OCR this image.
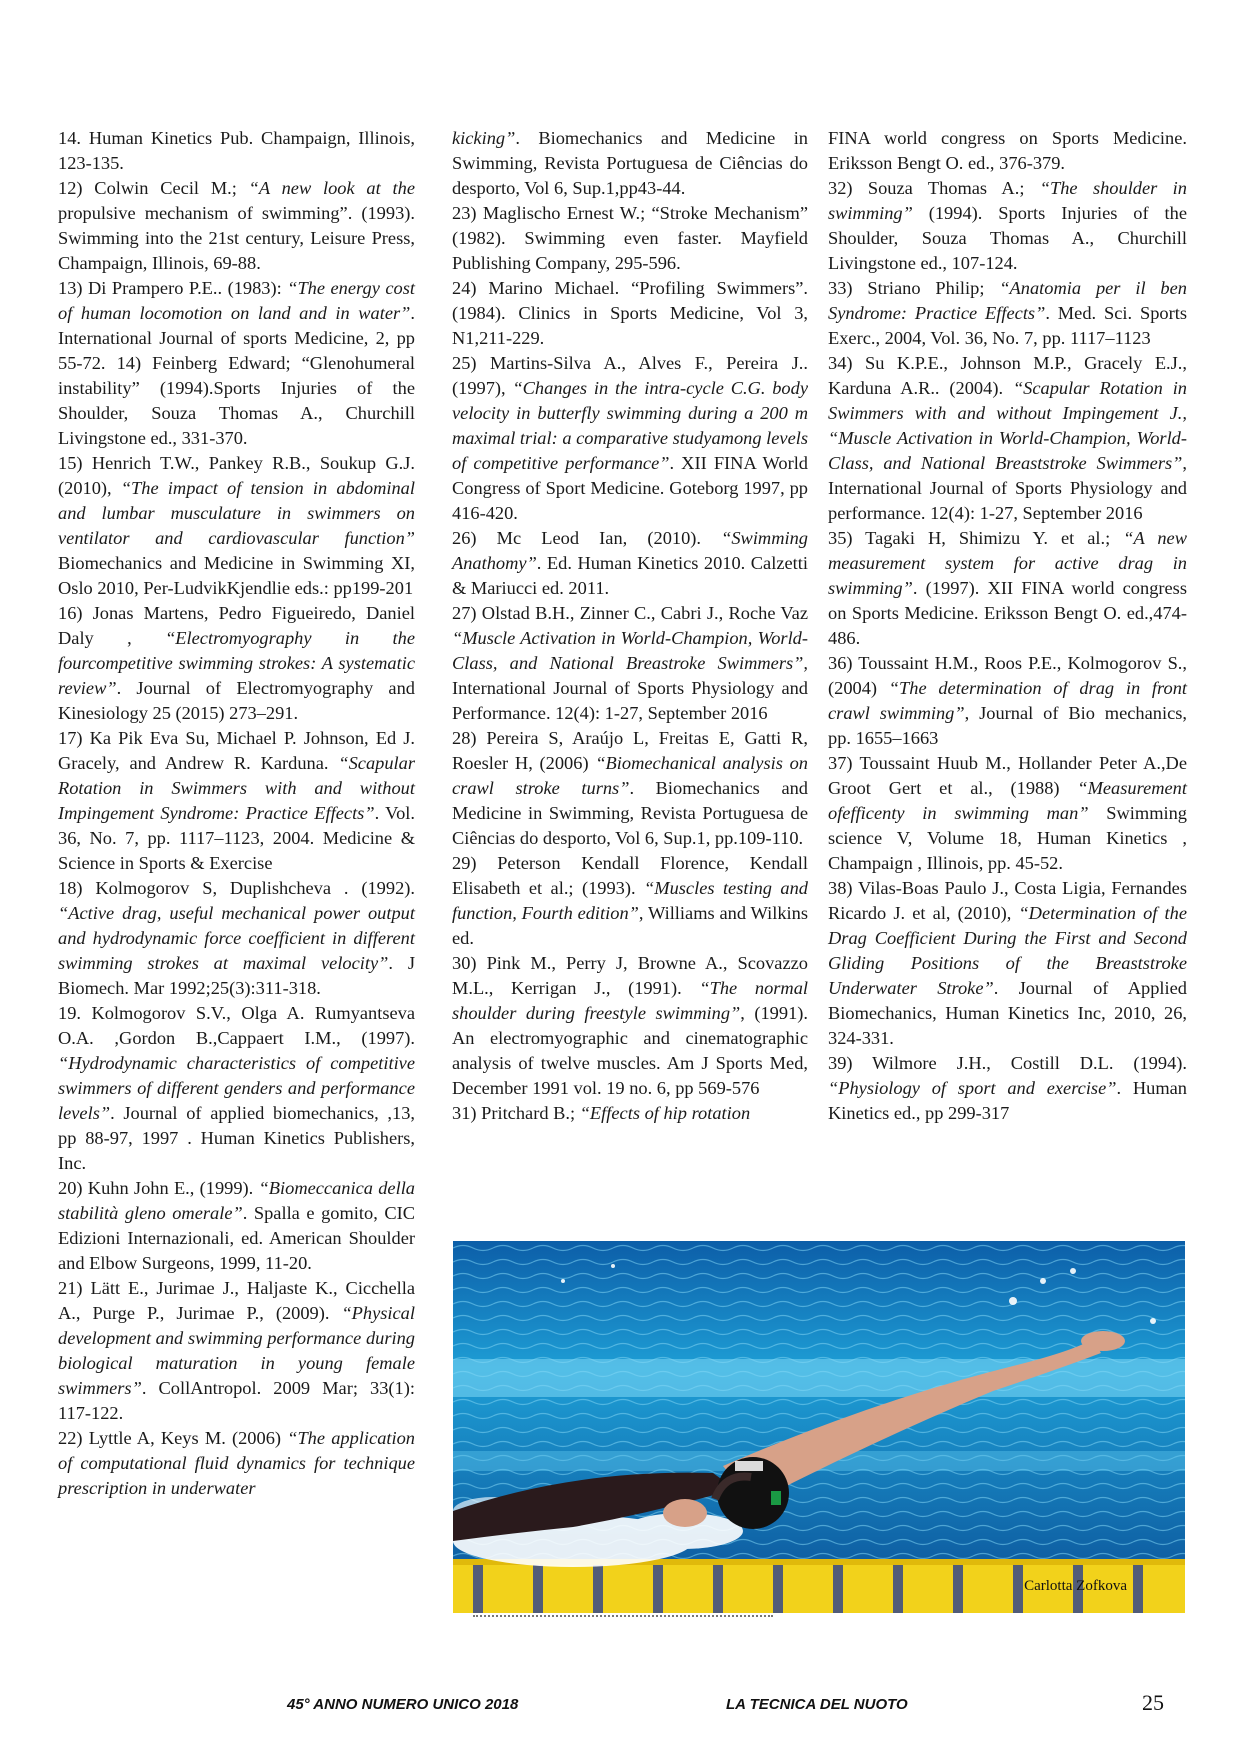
14. Human Kinetics Pub. Champaign, Illinois, 123-135.

12) Colwin Cecil M.; “A new look at the propulsive mechanism of swimming”. (1993). Swimming into the 21st century, Leisure Press, Champaign, Illinois, 69-88.

13) Di Prampero P.E.. (1983): “The energy cost of human locomotion on land and in water”. International Journal of sports Medicine, 2, pp 55-72. 14) Feinberg Edward; “Glenohumeral instability” (1994).Sports Injuries of the Shoulder, Souza Thomas A., Churchill Livingstone ed., 331-370.

15) Henrich T.W., Pankey R.B., Soukup G.J. (2010), “The impact of tension in abdominal and lumbar musculature in swimmers on ventilator and cardiovascular function” Biomechanics and Medicine in Swimming XI, Oslo 2010, Per-LudvikKjendlie eds.: pp199-201

16) Jonas Martens, Pedro Figueiredo, Daniel Daly , “Electromyography in the fourcompetitive swimming strokes: A systematic review”. Journal of Electromyography and Kinesiology 25 (2015) 273–291.

17) Ka Pik Eva Su, Michael P. Johnson, Ed J. Gracely, and Andrew R. Karduna. “Scapular Rotation in Swimmers with and without Impingement Syndrome: Practice Effects”. Vol. 36, No. 7, pp. 1117–1123, 2004. Medicine & Science in Sports & Exercise

18) Kolmogorov S, Duplishcheva . (1992). “Active drag, useful mechanical power output and hydrodynamic force coefficient in different swimming strokes at maximal velocity”. J Biomech. Mar 1992;25(3):311-318.

19. Kolmogorov S.V., Olga A. Rumyantseva O.A. ,Gordon B.,Cappaert I.M., (1997). “Hydrodynamic characteristics of competitive swimmers of different genders and performance levels”. Journal of applied biomechanics, ,13, pp 88-97, 1997 . Human Kinetics Publishers, Inc.

20) Kuhn John E., (1999). “Biomeccanica della stabilità gleno omerale”. Spalla e gomito, CIC Edizioni Internazionali, ed. American Shoulder and Elbow Surgeons, 1999, 11-20.

21) Lätt E., Jurimae J., Haljaste K., Cicchella A., Purge P., Jurimae P., (2009). “Physical development and swimming performance during biological maturation in young female swimmers”. CollAntropol. 2009 Mar; 33(1): 117-122.

22) Lyttle A, Keys M. (2006) “The application of computational fluid dynamics for technique prescription in underwater

kicking”. Biomechanics and Medicine in Swimming, Revista Portuguesa de Ciências do desporto, Vol 6, Sup.1,pp43-44.

23) Maglischo Ernest W.; “Stroke Mechanism” (1982). Swimming even faster. Mayfield Publishing Company, 295-596.

24) Marino Michael. “Profiling Swimmers”. (1984). Clinics in Sports Medicine, Vol 3, N1,211-229.

25) Martins-Silva A., Alves F., Pereira J.. (1997), “Changes in the intra-cycle C.G. body velocity in butterfly swimming during a 200 m maximal trial: a comparative studyamong levels of competitive performance”. XII FINA World Congress of Sport Medicine. Goteborg 1997, pp 416-420.

26) Mc Leod Ian, (2010). “Swimming Anathomy”. Ed. Human Kinetics 2010. Calzetti & Mariucci ed. 2011.

27) Olstad B.H., Zinner C., Cabri J., Roche Vaz “Muscle Activation in World-Champion, World-Class, and National Breastroke Swimmers”, International Journal of Sports Physiology and Performance. 12(4): 1-27, September 2016

28) Pereira S, Araújo L, Freitas E, Gatti R, Roesler H, (2006) “Biomechanical analysis on crawl stroke turns”. Biomechanics and Medicine in Swimming, Revista Portuguesa de Ciências do desporto, Vol 6, Sup.1, pp.109-110.

29) Peterson Kendall Florence, Kendall Elisabeth et al.; (1993). “Muscles testing and function, Fourth edition”, Williams and Wilkins ed.

30) Pink M., Perry J, Browne A., Scovazzo M.L., Kerrigan J., (1991). “The normal shoulder during freestyle swimming”, (1991). An electromyographic and cinematographic analysis of twelve muscles. Am J Sports Med, December 1991 vol. 19 no. 6, pp 569-576

31) Pritchard B.; “Effects of hip rotation

FINA world congress on Sports Medicine. Eriksson Bengt O. ed., 376-379.

32) Souza Thomas A.; “The shoulder in swimming” (1994). Sports Injuries of the Shoulder, Souza Thomas A., Churchill Livingstone ed., 107-124.

33) Striano Philip; “Anatomia per il ben Syndrome: Practice Effects”. Med. Sci. Sports Exerc., 2004, Vol. 36, No. 7, pp. 1117–1123

34) Su K.P.E., Johnson M.P., Gracely E.J., Karduna A.R.. (2004). “Scapular Rotation in Swimmers with and without Impingement J., “Muscle Activation in World-Champion, World-Class, and National Breaststroke Swimmers”, International Journal of Sports Physiology and performance. 12(4): 1-27, September 2016

35) Tagaki H, Shimizu Y. et al.; “A new measurement system for active drag in swimming”. (1997). XII FINA world congress on Sports Medicine. Eriksson Bengt O. ed.,474-486.

36) Toussaint H.M., Roos P.E., Kolmogorov S., (2004) “The determination of drag in front crawl swimming”, Journal of Bio mechanics, pp. 1655–1663

37) Toussaint Huub M., Hollander Peter A.,De Groot Gert et al., (1988) “Measurement ofefficenty in swimming man” Swimming science V, Volume 18, Human Kinetics , Champaign , Illinois, pp. 45-52.

38) Vilas-Boas Paulo J., Costa Ligia, Fernandes Ricardo J. et al, (2010), “Determination of the Drag Coefficient During the First and Second Gliding Positions of the Breaststroke Underwater Stroke”. Journal of Applied Biomechanics, Human Kinetics Inc, 2010, 26, 324-331.

39) Wilmore J.H., Costill D.L. (1994). “Physiology of sport and exercise”. Human Kinetics ed., pp 299-317

Carlotta Zofkova
45° ANNO NUMERO UNICO 2018	LA TECNICA DEL NUOTO	25
